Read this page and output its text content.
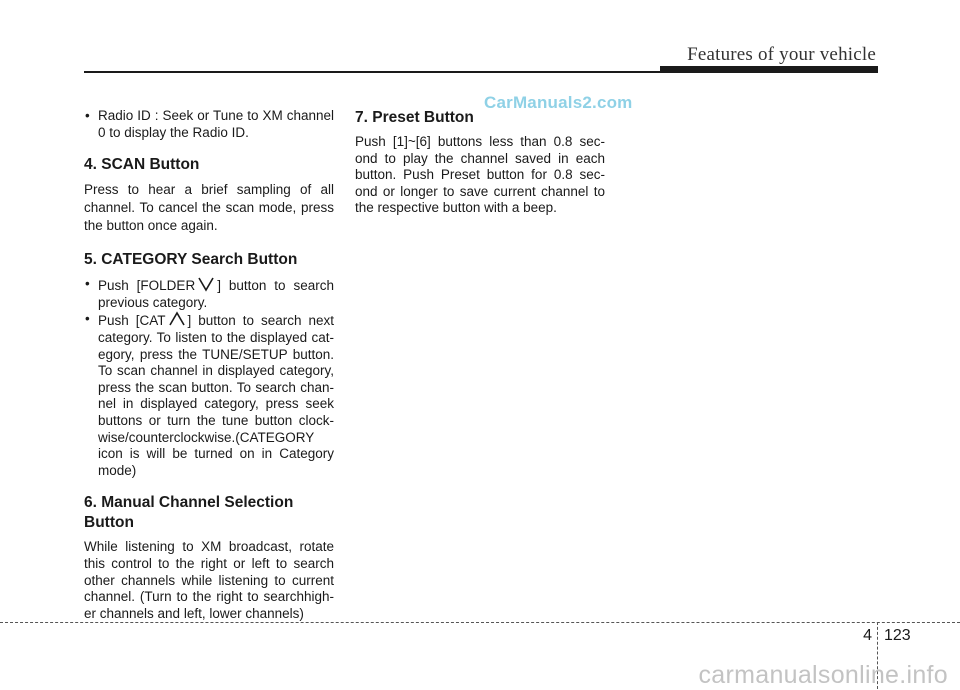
Features of your vehicle
CarManuals2.com
• Radio ID : Seek or Tune to XM channel 0 to display the Radio ID.
4. SCAN Button

Press to hear a brief sampling of all channel. To cancel the scan mode, press the button once again.

5. CATEGORY Search Button
• Push [FOLDER ] button to search previous category.
• Push [CAT ] button to search next category. To listen to the displayed cat-egory, press the TUNE/SETUP button. To scan channel in displayed category, press the scan button. To search chan-nel in displayed category, press seek buttons or turn the tune button clock-wise/counterclockwise.(CATEGORY icon is will be turned on in Category mode)
6. Manual Channel Selection Button

While listening to XM broadcast, rotate this control to the right or left to search other channels while listening to current channel. (Turn to the right to searchhigh-er channels and left, lower channels)

7. Preset Button

Push [1]~[6] buttons less than 0.8 sec-ond to play the channel saved in each button. Push Preset button for 0.8 sec-ond or longer to save current channel to the respective button with a beep.

4 123
carmanualsonline.info
